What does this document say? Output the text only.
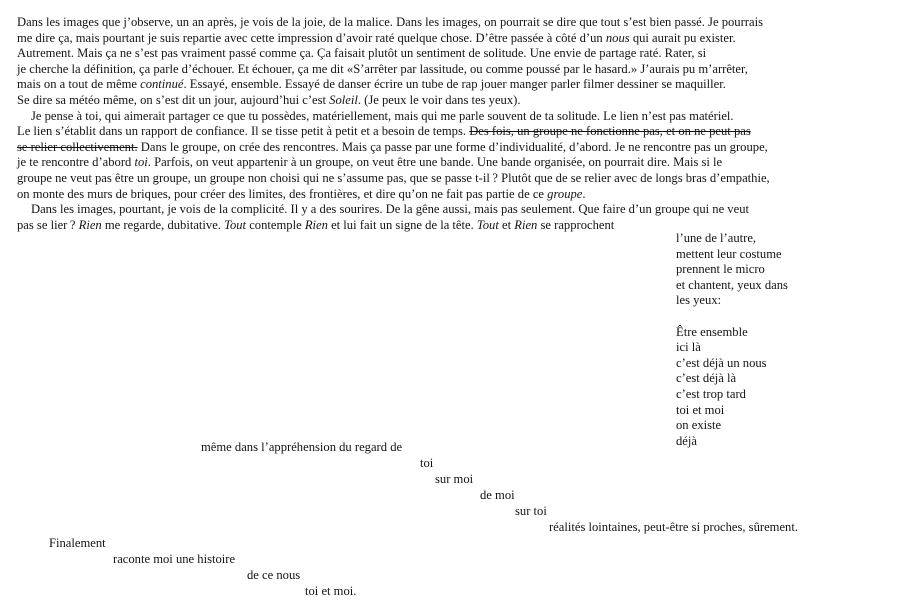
Dans les images que j’observe, un an après, je vois de la joie, de la malice. Dans les images, on pourrait se dire que tout s’est bien passé. Je pourrais
me dire ça, mais pourtant je suis repartie avec cette impression d’avoir raté quelque chose. D’être passée à côté d’un nous qui aurait pu exister.
Autrement. Mais ça ne s’est pas vraiment passé comme ça. Ça faisait plutôt un sentiment de solitude. Une envie de partage raté. Rater, si
je cherche la définition, ça parle d’échouer. Et échouer, ça me dit «S’arrêter par lassitude, ou comme poussé par le hasard.» J’aurais pu m’arrêter,
mais on a tout de même continué. Essayé, ensemble. Essayé de danser écrire un tube de rap jouer manger parler filmer dessiner se maquiller.
Se dire sa météo même, on s’est dit un jour, aujourd’hui c’est Soleil. (Je peux le voir dans tes yeux).
Je pense à toi, qui aimerait partager ce que tu possèdes, matériellement, mais qui me parle souvent de ta solitude. Le lien n’est pas matériel.
Le lien s’établit dans un rapport de confiance. Il se tisse petit à petit et a besoin de temps. Des fois, un groupe ne fonctionne pas, et on ne peut pas
se relier collectivement. Dans le groupe, on crée des rencontres. Mais ça passe par une forme d’individualité, d’abord. Je ne rencontre pas un groupe,
je te rencontre d’abord toi. Parfois, on veut appartenir à un groupe, on veut être une bande. Une bande organisée, on pourrait dire. Mais si le
groupe ne veut pas être un groupe, un groupe non choisi qui ne s’assume pas, que se passe t-il ? Plutôt que de se relier avec de longs bras d’empathie,
on monte des murs de briques, pour créer des limites, des frontières, et dire qu’on ne fait pas partie de ce groupe.
Dans les images, pourtant, je vois de la complicité. Il y a des sourires. De la gêne aussi, mais pas seulement. Que faire d’un groupe qui ne veut
pas se lier ? Rien me regarde, dubitative. Tout contemple Rien et lui fait un signe de la tête. Tout et Rien se rapprochent
l’une de l’autre,
mettent leur costume
prennent le micro
et chantent, yeux dans
les yeux:

Être ensemble
ici là
c’est déjà un nous
c’est déjà là
c’est trop tard
toi et moi
on existe
déjà
même dans l’appréhension du regard de
toi
sur moi
de moi
sur toi
réalités lointaines, peut-être si proches, sûrement.
Finalement
raconte moi une histoire
de ce nous
toi et moi.
